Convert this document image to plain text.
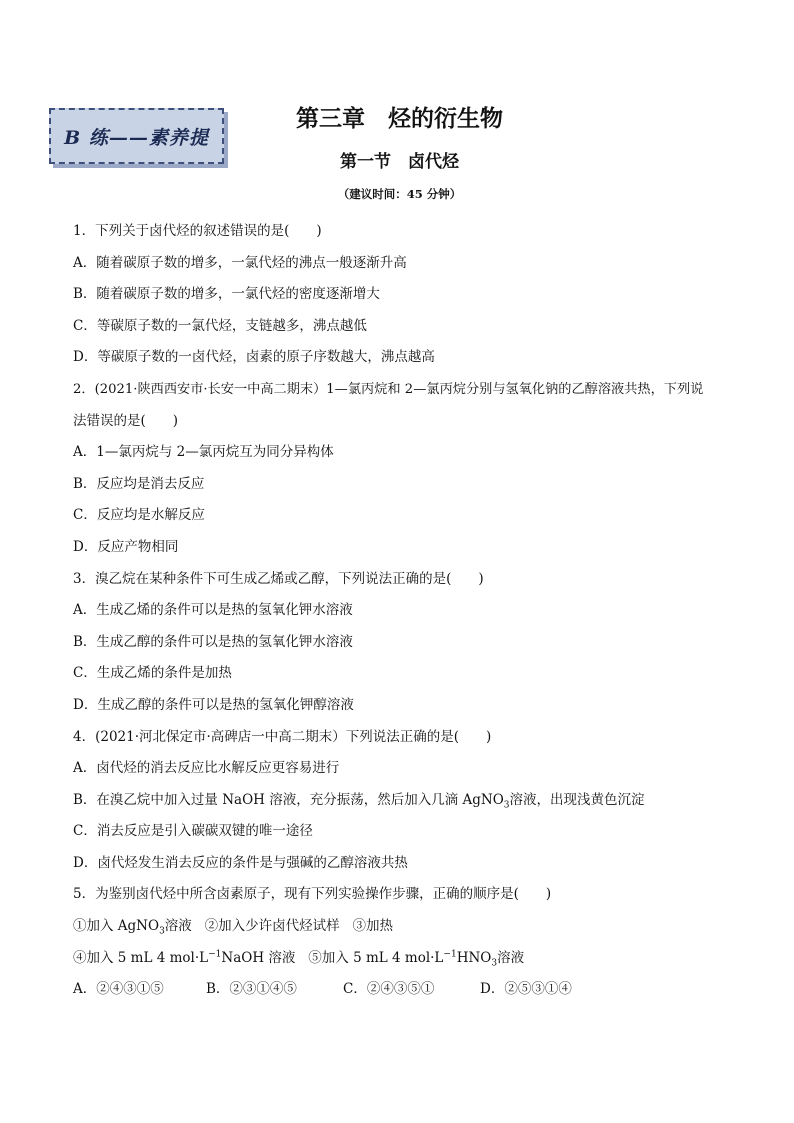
B 练——素养提
第三章　烃的衍生物
第一节　卤代烃
（建议时间：45 分钟）
1．下列关于卤代烃的叙述错误的是(　　)
A．随着碳原子数的增多，一氯代烃的沸点一般逐渐升高
B．随着碳原子数的增多，一氯代烃的密度逐渐增大
C．等碳原子数的一氯代烃，支链越多，沸点越低
D．等碳原子数的一卤代烃，卤素的原子序数越大，沸点越高
2．(2021·陕西西安市·长安一中高二期末）1—氯丙烷和 2—氯丙烷分别与氢氧化钠的乙醇溶液共热，下列说
法错误的是(　　)
A．1—氯丙烷与 2—氯丙烷互为同分异构体
B．反应均是消去反应
C．反应均是水解反应
D．反应产物相同
3．溴乙烷在某种条件下可生成乙烯或乙醇，下列说法正确的是(　　)
A．生成乙烯的条件可以是热的氢氧化钾水溶液
B．生成乙醇的条件可以是热的氢氧化钾水溶液
C．生成乙烯的条件是加热
D．生成乙醇的条件可以是热的氢氧化钾醇溶液
4．(2021·河北保定市·高碑店一中高二期末）下列说法正确的是(　　)
A．卤代烃的消去反应比水解反应更容易进行
B．在溴乙烷中加入过量 NaOH 溶液，充分振荡，然后加入几滴 AgNO$_3$溶液，出现浅黄色沉淀
C．消去反应是引入碳碳双键的唯一途径
D．卤代烃发生消去反应的条件是与强碱的乙醇溶液共热
5．为鉴别卤代烃中所含卤素原子，现有下列实验操作步骤，正确的顺序是(　　)
①加入 AgNO$_3$溶液 ②加入少许卤代烃试样 ③加热
④加入 5 mL 4 $mol\cdot L^{-1}NaOH$ 溶液 ⑤加入 5 mL 4 $mol\cdot L^{-1}HNO_3$溶液
A．②④③①⑤	B．②③①④⑤	C．②④③⑤①	D．②⑤③①④
